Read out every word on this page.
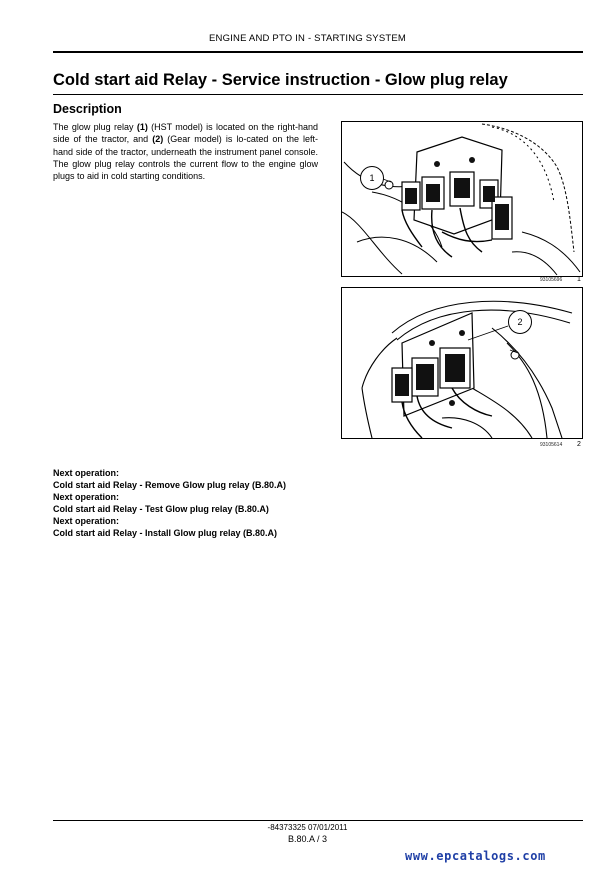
ENGINE AND PTO IN - STARTING SYSTEM
Cold start aid Relay - Service instruction - Glow plug relay
Description
The glow plug relay (1) (HST model) is located on the right-hand side of the tractor, and (2) (Gear model) is lo-cated on the left-hand side of the tractor, underneath the instrument panel console. The glow plug relay controls the current flow to the engine glow plugs to aid in cold starting conditions.	1
93105696 1
2
93105614 2
Next operation:
Cold start aid Relay - Remove Glow plug relay (B.80.A)
Next operation:
Cold start aid Relay - Test Glow plug relay (B.80.A)
Next operation:
Cold start aid Relay - Install Glow plug relay (B.80.A)
-84373325 07/01/2011
B.80.A / 3
www.epcatalogs.com
